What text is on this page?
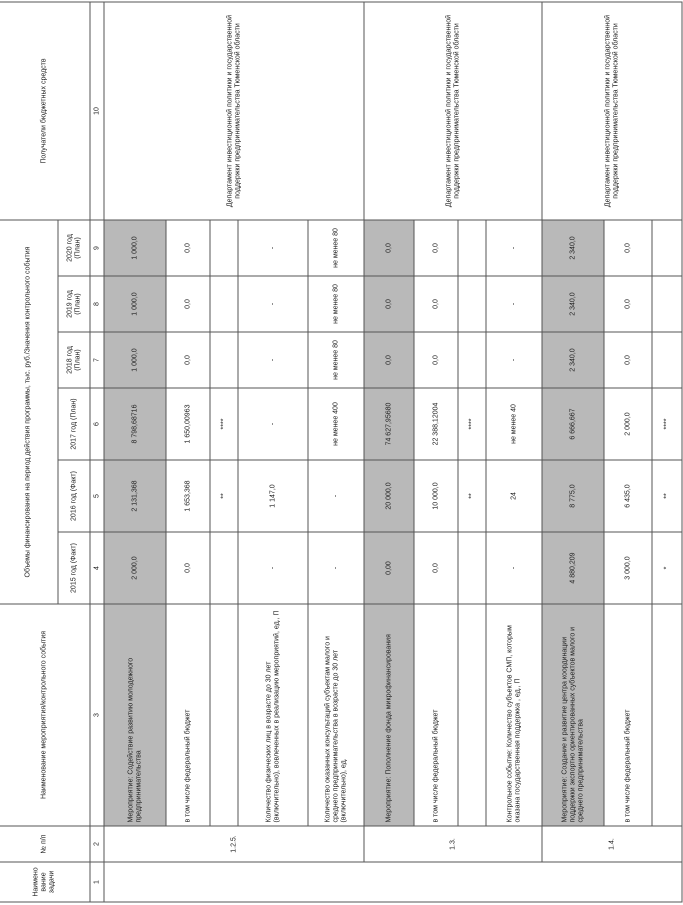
Наименование задачи	№ п/п	Наименование мероприятия/контрольного события	Объемы финансирования на период действия программы, тыс. руб./Значения контрольного события						Получатели бюджетных средств
			2015 год (Факт)	2016 год (Факт)	2017 год (План)	2018 год (План)	2019 год (План)	2020 год (План)	
1	2	3	4	5	6	7	8	9	10
	1.2.5.	Мероприятие: Содействие развитию молодежного предпринимательства	2 000,0	2 131,368	8 798,68716	1 000,0	1 000,0	1 000,0	Департамент инвестиционной политики и государственной поддержки предпринимательства Тюменской области
		в том числе федеральный бюджет	0,0	1 653,368	1 650,00963	0,0	0,0	0,0	
				**	****				
		Количество физических лиц в возрасте до 30 лет (включительно), вовлеченных в реализацию мероприятий, ед., П	-	1 147,0	-	-	-	-	
		Количество оказанных консультаций субъектам малого и среднего предпринимательства в возрасте до 30 лет (включительно), ед.	-	-	не менее 400	не менее 80	не менее 80	не менее 80	
	1.3.	Мероприятие: Пополнение фонда микрофинансирования	0,00	20 000,0	74 627,95680	0,0	0,0	0,0	Департамент инвестиционной политики и государственной поддержки предпринимательства Тюменской области
		в том числе федеральный бюджет	0,0	10 000,0	22 388,12004	0,0	0,0	0,0	
				**	****				
		Контрольное событие: Количество субъектов СМП, которым оказана государственная поддержка , ед., П	-	24	не менее 40	-	-	-	
	1.4.	Мероприятие: Создание и развитие центра координации поддержки экспортно ориентированных субъектов малого и среднего предпринимательства	4 880,209	8 775,0	6 666,667	2 340,0	2 340,0	2 340,0	Департамент инвестиционной политики и государственной поддержки предпринимательства Тюменской области
		в том числе федеральный бюджет	3 000,0	6 435,0	2 000,0	0,0	0,0	0,0	
			*	**	****				
